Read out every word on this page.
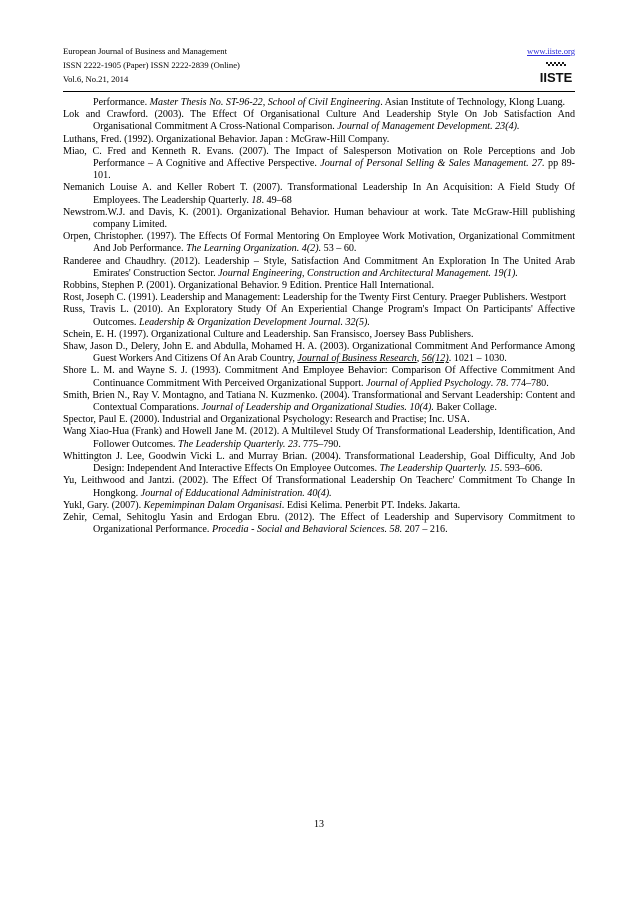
European Journal of Business and Management
ISSN 2222-1905 (Paper) ISSN 2222-2839 (Online)
Vol.6, No.21, 2014
www.iiste.org
IISTE

Performance. Master Thesis No. ST-96-22, School of Civil Engineering. Asian Institute of Technology, Klong Luang.

Lok and Crawford. (2003). The Effect Of Organisational Culture And Leadership Style On Job Satisfaction And Organisational Commitment A Cross-National Comparison. Journal of Management Development. 23(4).

Luthans, Fred. (1992). Organizational Behavior. Japan : McGraw-Hill Company.

Miao, C. Fred and Kenneth R. Evans. (2007). The Impact of Salesperson Motivation on Role Perceptions and Job Performance – A Cognitive and Affective Perspective. Journal of Personal Selling & Sales Management. 27. pp 89-101.

Nemanich Louise A. and Keller Robert T. (2007). Transformational Leadership In An Acquisition: A Field Study Of Employees. The Leadership Quarterly. 18. 49–68

Newstrom.W.J. and Davis, K. (2001). Organizational Behavior. Human behaviour at work. Tate McGraw-Hill publishing company Limited.

Orpen, Christopher. (1997). The Effects Of Formal Mentoring On Employee Work Motivation, Organizational Commitment And Job Performance. The Learning Organization. 4(2). 53 – 60.

Randeree and Chaudhry. (2012). Leadership – Style, Satisfaction And Commitment An Exploration In The United Arab Emirates' Construction Sector. Journal Engineering, Construction and Architectural Management. 19(1).

Robbins, Stephen P. (2001). Organizational Behavior. 9 Edition. Prentice Hall International.

Rost, Joseph C. (1991). Leadership and Management: Leadership for the Twenty First Century. Praeger Publishers. Westport

Russ, Travis L. (2010). An Exploratory Study Of An Experiential Change Program's Impact On Participants' Affective Outcomes. Leadership & Organization Development Journal. 32(5).

Schein, E. H. (1997). Organizational Culture and Leadership. San Fransisco, Joersey Bass Publishers.

Shaw, Jason D., Delery, John E. and Abdulla, Mohamed H. A. (2003). Organizational Commitment And Performance Among Guest Workers And Citizens Of An Arab Country, Journal of Business Research, 56(12). 1021 – 1030.

Shore L. M. and Wayne S. J. (1993). Commitment And Employee Behavior: Comparison Of Affective Commitment And Continuance Commitment With Perceived Organizational Support. Journal of Applied Psychology. 78. 774–780.

Smith, Brien N., Ray V. Montagno, and Tatiana N. Kuzmenko. (2004). Transformational and Servant Leadership: Content and Contextual Comparations. Journal of Leadership and Organizational Studies. 10(4). Baker Collage.

Spector, Paul E. (2000). Industrial and Organizational Psychology: Research and Practise; Inc. USA.

Wang Xiao-Hua (Frank) and Howell Jane M. (2012). A Multilevel Study Of Transformational Leadership, Identification, And Follower Outcomes. The Leadership Quarterly. 23. 775–790.

Whittington J. Lee, Goodwin Vicki L. and Murray Brian. (2004). Transformational Leadership, Goal Difficulty, And Job Design: Independent And Interactive Effects On Employee Outcomes. The Leadership Quarterly. 15. 593–606.

Yu, Leithwood and Jantzi. (2002). The Effect Of Transformational Leadership On Teacherc' Commitment To Change In Hongkong. Journal of Edducational Administration. 40(4).

Yukl, Gary. (2007). Kepemimpinan Dalam Organisasi. Edisi Kelima. Penerbit PT. Indeks. Jakarta.

Zehir, Cemal, Sehitoglu Yasin and Erdogan Ebru. (2012). The Effect of Leadership and Supervisory Commitment to Organizational Performance. Procedia - Social and Behavioral Sciences. 58. 207 – 216.

13
